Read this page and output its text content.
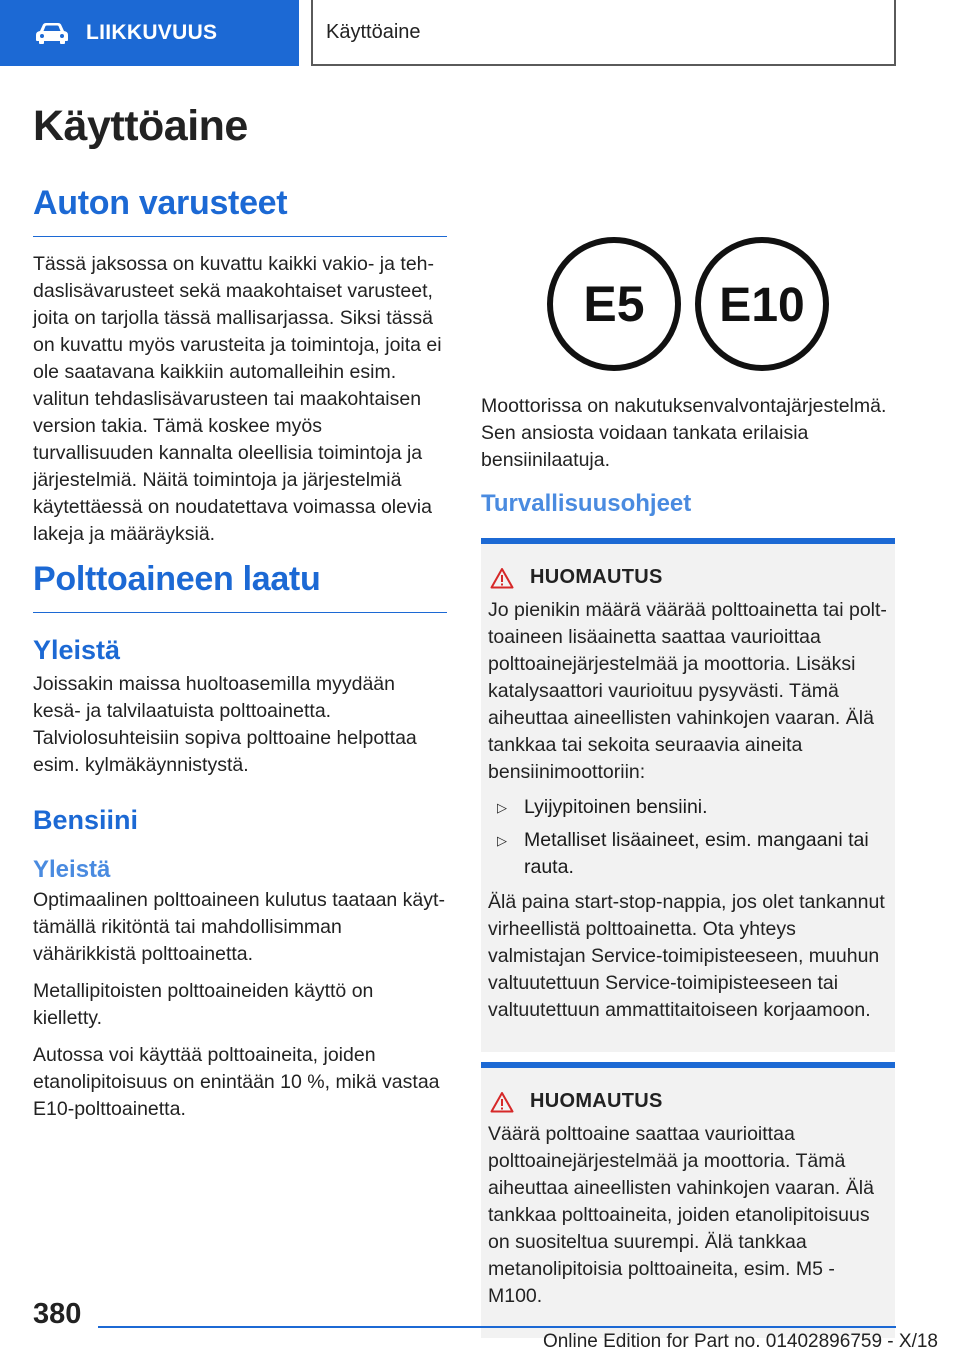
LIIKKUVUUS	Käyttöaine
Käyttöaine
Auton varusteet

Tässä jaksossa on kuvattu kaikki vakio- ja tehdaslisävarusteet sekä maakohtaiset varusteet, joita on tarjolla tässä mallisarjassa. Siksi tässä on kuvattu myös varusteita ja toimintoja, joita ei ole saatavana kaikkiin automalleihin esim. valitun tehdaslisävarusteen tai maakohtaisen version takia. Tämä koskee myös turvallisuuden kannalta oleellisia toimintoja ja järjestelmiä. Näitä toimintoja ja järjestelmiä käytettäessä on noudatettava voimassa olevia lakeja ja määräyksiä.

Polttoaineen laatu
Yleistä

Joissakin maissa huoltoasemilla myydään kesä- ja talvilaatuista polttoainetta. Talviolosuhteisiin sopiva polttoaine helpottaa esim. kylmäkäynnistystä.

Bensiini
Yleistä

Optimaalinen polttoaineen kulutus taataan käyttämällä rikitöntä tai mahdollisimman vähärikkistä polttoainetta.

Metallipitoisten polttoaineiden käyttö on kielletty.

Autossa voi käyttää polttoaineita, joiden etanolipitoisuus on enintään 10 %, mikä vastaa E10-polttoainetta.

E5 E10

Moottorissa on nakutuksenvalvontajärjestelmä. Sen ansiosta voidaan tankata erilaisia bensiinilaatuja.

Turvallisuusohjeet
HUOMAUTUS

Jo pienikin määrä väärää polttoainetta tai polttoaineen lisäainetta saattaa vaurioittaa polttoainejärjestelmää ja moottoria. Lisäksi katalysaattori vaurioituu pysyvästi. Tämä aiheuttaa aineellisten vahinkojen vaaran. Älä tankkaa tai sekoita seuraavia aineita bensiinimoottoriin:

▷ Lyijypitoinen bensiini.
▷ Metalliset lisäaineet, esim. mangaani tai rauta.

Älä paina start-stop-nappia, jos olet tankannut virheellistä polttoainetta. Ota yhteys valmistajan Service-toimipisteeseen, muuhun valtuutettuun Service-toimipisteeseen tai valtuutettuun ammattitaitoiseen korjaamoon.

HUOMAUTUS

Väärä polttoaine saattaa vaurioittaa polttoainejärjestelmää ja moottoria. Tämä aiheuttaa aineellisten vahinkojen vaaran. Älä tankkaa polttoaineita, joiden etanolipitoisuus on suositeltua suurempi. Älä tankkaa metanolipitoisia polttoaineita, esim. M5 - M100.

380
Online Edition for Part no. 01402896759 - X/18
